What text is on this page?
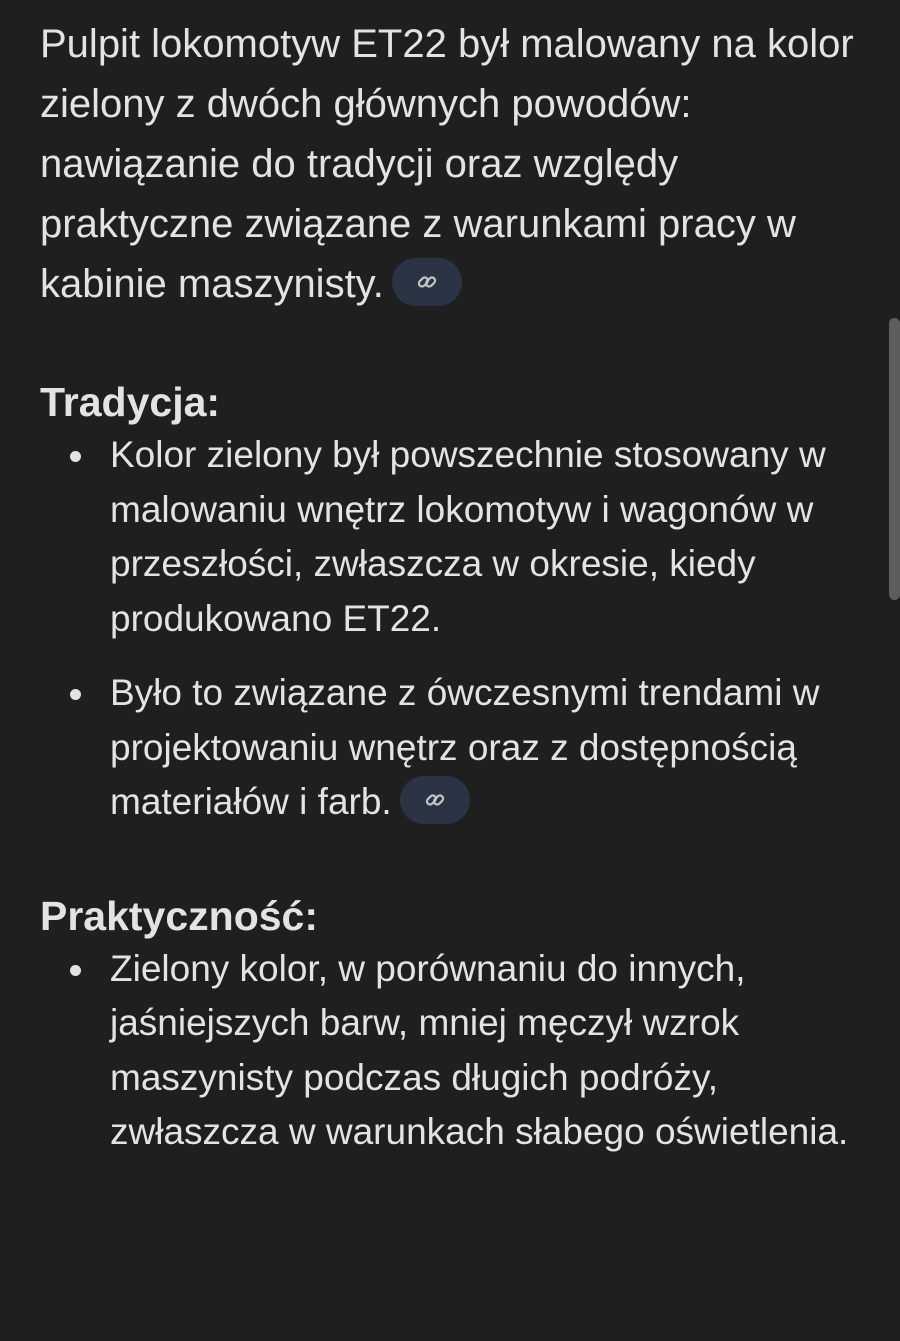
Pulpit lokomotyw ET22 był malowany na kolor zielony z dwóch głównych powodów: nawiązanie do tradycji oraz względy praktyczne związane z warunkami pracy w kabinie maszynisty.

Tradycja:
Kolor zielony był powszechnie stosowany w malowaniu wnętrz lokomotyw i wagonów w przeszłości, zwłaszcza w okresie, kiedy produkowano ET22.
Było to związane z ówczesnymi trendami w projektowaniu wnętrz oraz z dostępnością materiałów i farb.
Praktyczność:
Zielony kolor, w porównaniu do innych, jaśniejszych barw, mniej męczył wzrok maszynisty podczas długich podróży, zwłaszcza w warunkach słabego oświetlenia.
